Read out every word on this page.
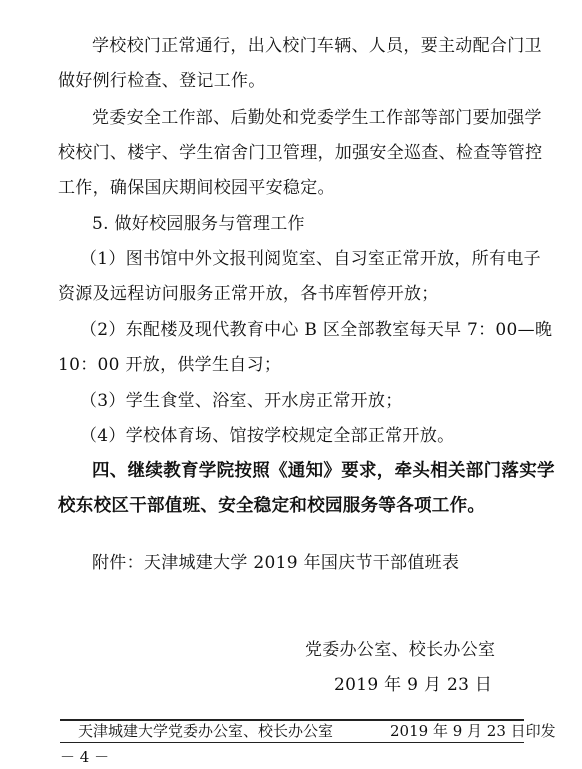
学校校门正常通行，出入校门车辆、人员，要主动配合门卫
做好例行检查、登记工作。
党委安全工作部、后勤处和党委学生工作部等部门要加强学
校校门、楼宇、学生宿舍门卫管理，加强安全巡查、检查等管控
工作，确保国庆期间校园平安稳定。
5. 做好校园服务与管理工作
（1）图书馆中外文报刊阅览室、自习室正常开放，所有电子
资源及远程访问服务正常开放，各书库暂停开放；
（2）东配楼及现代教育中心 B 区全部教室每天早 7：00—晚
10：00 开放，供学生自习；
（3）学生食堂、浴室、开水房正常开放；
（4）学校体育场、馆按学校规定全部正常开放。
四、继续教育学院按照《通知》要求，牵头相关部门落实学
校东校区干部值班、安全稳定和校园服务等各项工作。
附件：天津城建大学 2019 年国庆节干部值班表
党委办公室、校长办公室
2019 年 9 月 23 日
天津城建大学党委办公室、校长办公室	2019 年 9 月 23 日印发
－ 4 －
